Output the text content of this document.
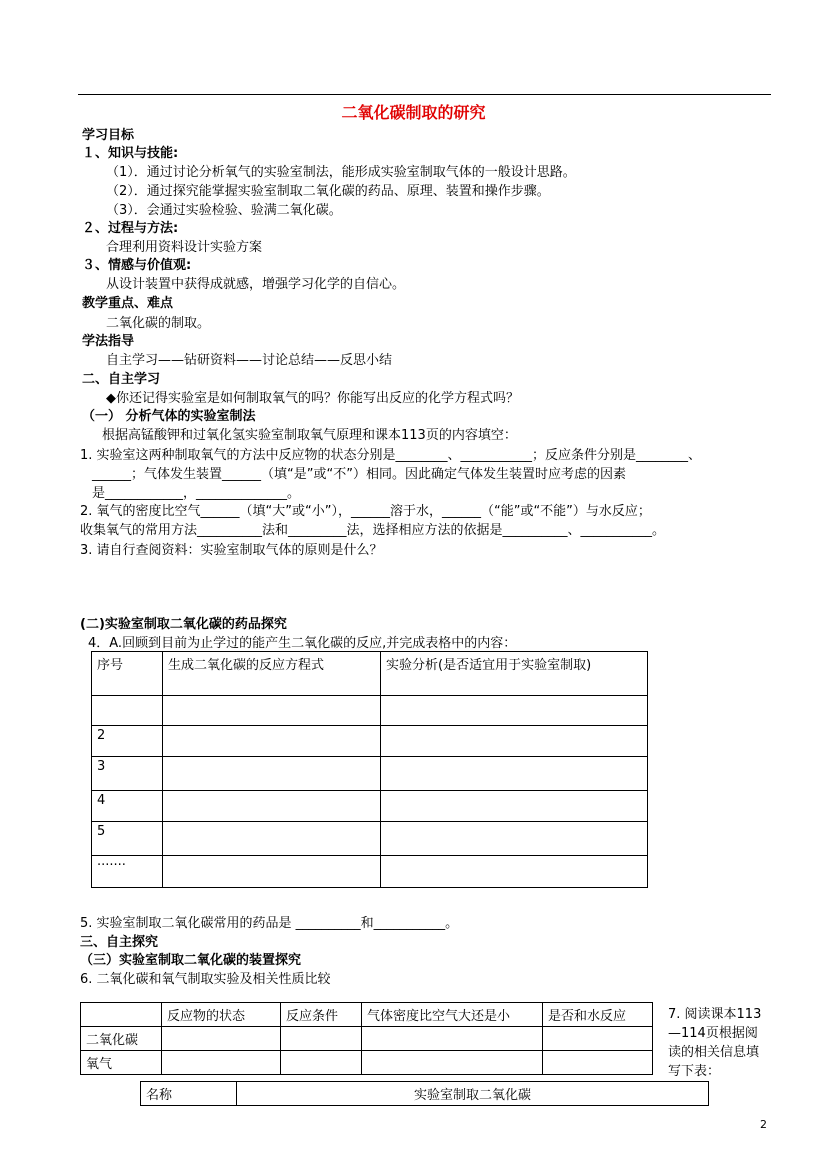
二氧化碳制取的研究
学习目标
１、知识与技能:
（1）．通过讨论分析氧气的实验室制法，能形成实验室制取气体的一般设计思路。
（2）．通过探究能掌握实验室制取二氧化碳的药品、原理、装置和操作步骤。
（3）．会通过实验检验、验满二氧化碳。
２、过程与方法:
合理利用资料设计实验方案
３、情感与价值观:
从设计装置中获得成就感，增强学习化学的自信心。
教学重点、难点
二氧化碳的制取。
学法指导
自主学习——钻研资料——讨论总结——反思小结
二、自主学习
◆你还记得实验室是如何制取氧气的吗？你能写出反应的化学方程式吗？
（一） 分析气体的实验室制法
根据高锰酸钾和过氧化氢实验室制取氧气原理和课本113页的内容填空：
1. 实验室这两种制取氧气的方法中反应物的状态分别是________、___________；反应条件分别是________、
______；气体发生装置______（填“是”或“不”）相同。因此确定气体发生装置时应考虑的因素
是____________，______________。
2. 氧气的密度比空气______（填“大”或“小”），______溶于水，______（“能”或“不能”）与水反应；
收集氧气的常用方法__________法和_________法，选择相应方法的依据是__________、___________。
3. 请自行查阅资料：实验室制取气体的原则是什么？
(二)实验室制取二氧化碳的药品探究
4．A.回顾到目前为止学过的能产生二氧化碳的反应,并完成表格中的内容：
序号	生成二氧化碳的反应方程式	实验分析(是否适宜用于实验室制取)

2		
3		
4		
5		
·······		
5. 实验室制取二氧化碳常用的药品是 __________和___________。
三、自主探究
（三）实验室制取二氧化碳的装置探究
6. 二氧化碳和氧气制取实验及相关性质比较
	反应物的状态	反应条件	气体密度比空气大还是小	是否和水反应
二氧化碳				
氧气				
7. 阅读课本113—114页根据阅读的相关信息填写下表：
名称	实验室制取二氧化碳
2
